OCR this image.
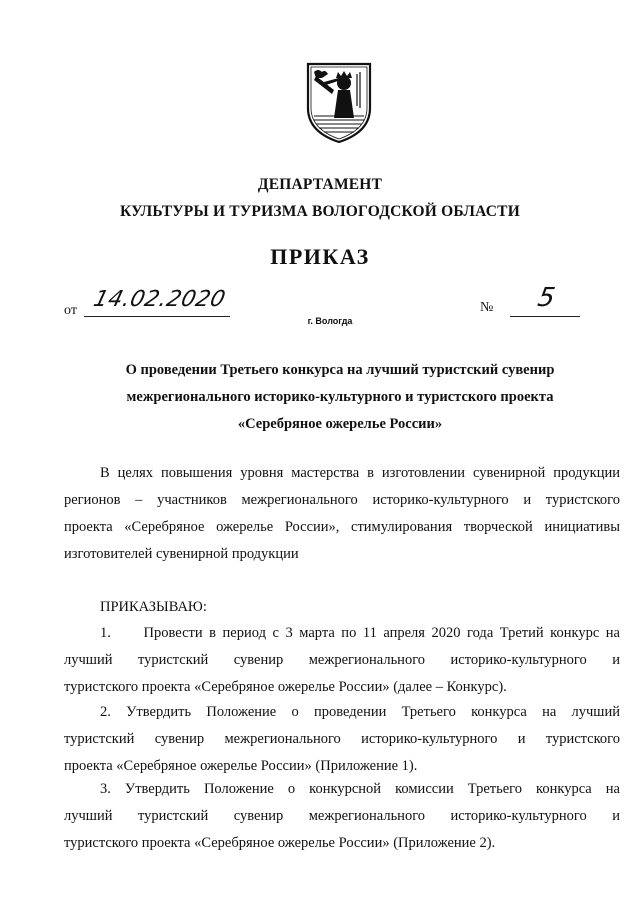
ДЕПАРТАМЕНТ
КУЛЬТУРЫ И ТУРИЗМА ВОЛОГОДСКОЙ ОБЛАСТИ
ПРИКАЗ
от 14.02.2020	№ 5
г. Вологда
О проведении Третьего конкурса на лучший туристский сувенир
межрегионального историко-культурного и туристского проекта
«Серебряное ожерелье России»
В целях повышения уровня мастерства в изготовлении сувенирной продукции
регионов – участников межрегионального историко-культурного и туристского
проекта «Серебряное ожерелье России», стимулирования творческой инициативы
изготовителей сувенирной продукции
ПРИКАЗЫВАЮ:
1.     Провести в период с 3 марта по 11 апреля 2020 года Третий конкурс на
лучший туристский сувенир межрегионального историко-культурного и
туристского проекта «Серебряное ожерелье России» (далее – Конкурс).
2. Утвердить Положение о проведении Третьего конкурса на лучший
туристский сувенир межрегионального историко-культурного и туристского
проекта «Серебряное ожерелье России» (Приложение 1).
3. Утвердить Положение о конкурсной комиссии Третьего конкурса на
лучший туристский сувенир межрегионального историко-культурного и
туристского проекта «Серебряное ожерелье России» (Приложение 2).
